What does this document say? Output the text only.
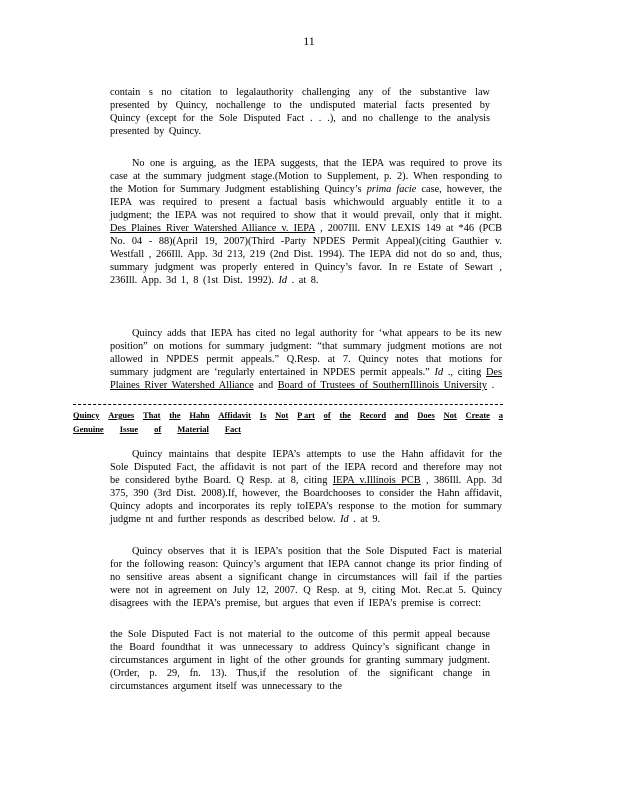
11

contain s no citation to legalauthority challenging any of the substantive law presented by Quincy, nochallenge to the undisputed material facts presented by Quincy (except for the Sole Disputed Fact . . .), and no challenge to the analysis presented by Quincy.

No one is arguing, as the IEPA suggests, that the IEPA was required to prove its case at the summary judgment stage.(Motion to Supplement, p. 2). When responding to the Motion for Summary Judgment establishing Quincy’s prima facie case, however, the IEPA was required to present a factual basis whichwould arguably entitle it to a judgment; the IEPA was not required to show that it would prevail, only that it might. Des Plaines River Watershed Alliance v. IEPA , 2007Ill. ENV LEXIS 149 at *46 (PCB No. 04 - 88)(April 19, 2007)(Third -Party NPDES Permit Appeal)(citing Gauthier v. Westfall , 266Ill. App. 3d 213, 219 (2nd Dist. 1994). The IEPA did not do so and, thus, summary judgment was properly entered in Quincy’s favor. In re Estate of Sewart , 236Ill. App. 3d 1, 8 (1st Dist. 1992). Id . at 8.

Quincy adds that IEPA has cited no legal authority for ‘what appears to be its new position” on motions for summary judgment: “that summary judgment motions are not allowed in NPDES permit appeals.” Q.Resp. at 7. Quincy notes that motions for summary judgment are ‘regularly entertained in NPDES permit appeals.” Id ., citing Des Plaines River Watershed Alliance and Board of Trustees of SouthernIllinois University .

Quincy Argues That the Hahn Affidavit Is Not P art of the Record and Does Not Create a
Genuine Issue of Material Fact

Quincy maintains that despite IEPA’s attempts to use the Hahn affidavit for the Sole Disputed Fact, the affidavit is not part of the IEPA record and therefore may not be considered bythe Board. Q Resp. at 8, citing IEPA v.Illinois PCB , 386Ill. App. 3d 375, 390 (3rd Dist. 2008).If, however, the Boardchooses to consider the Hahn affidavit, Quincy adopts and incorporates its reply toIEPA’s response to the motion for summary judgme nt and further responds as described below. Id . at 9.

Quincy observes that it is IEPA’s position that the Sole Disputed Fact is material for the following reason: Quincy’s argument that IEPA cannot change its prior finding of no sensitive areas absent a significant change in circumstances will fail if the parties were not in agreement on July 12, 2007. Q Resp. at 9, citing Mot. Rec.at 5. Quincy disagrees with the IEPA’s premise, but argues that even if IEPA’s premise is correct:

the Sole Disputed Fact is not material to the outcome of this permit appeal because the Board foundthat it was unnecessary to address Quincy’s significant change in circumstances argument in light of the other grounds for granting summary judgment. (Order, p. 29, fn. 13). Thus,if the resolution of the significant change in circumstances argument itself was unnecessary to the
